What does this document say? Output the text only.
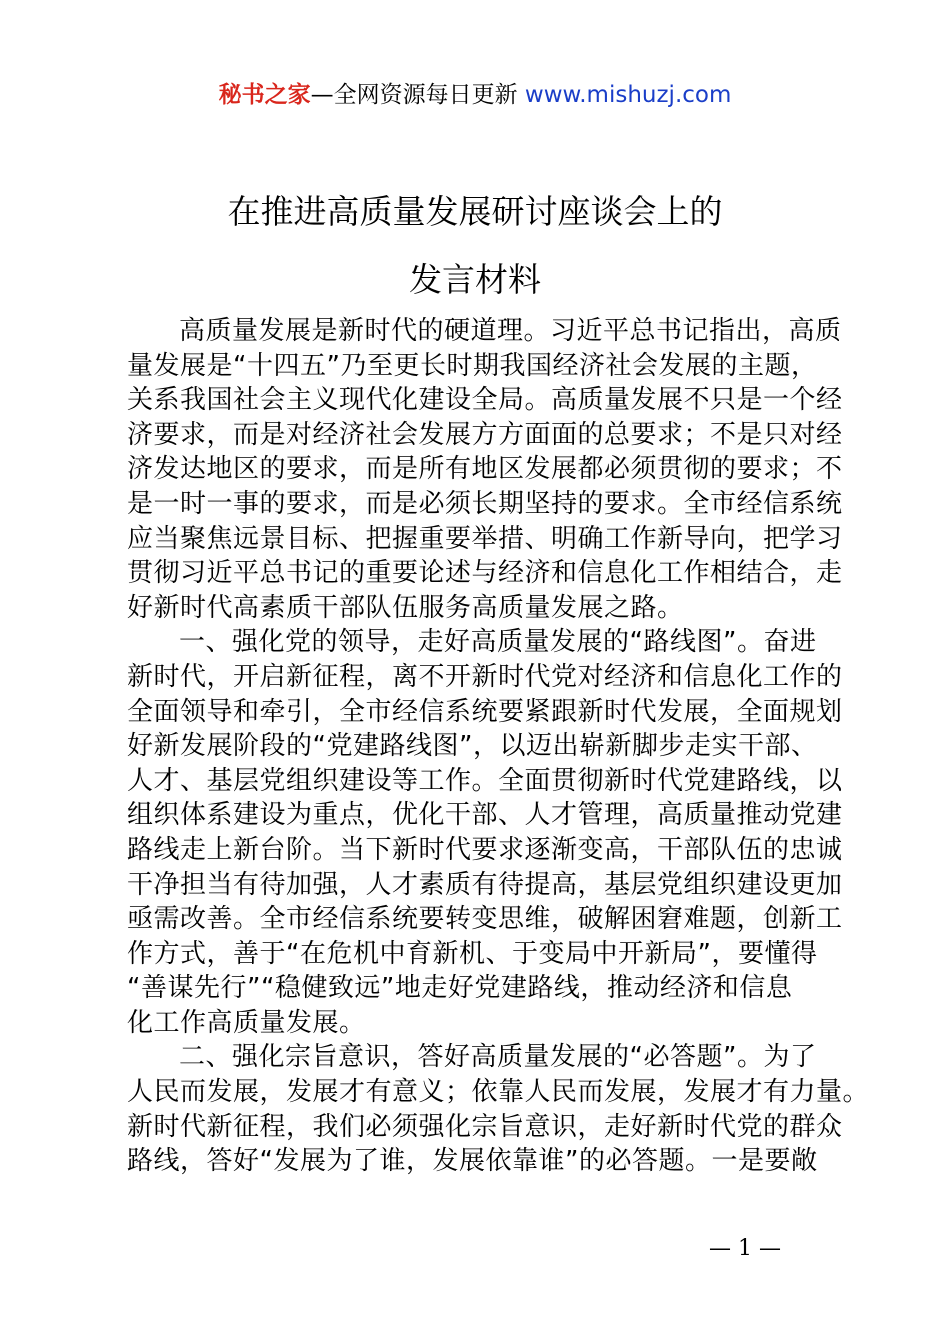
秘书之家—全网资源每日更新 www.mishuzj.com
在推进高质量发展研讨座谈会上的
发言材料
高质量发展是新时代的硬道理。习近平总书记指出，高质
量发展是“十四五”乃至更长时期我国经济社会发展的主题，
关系我国社会主义现代化建设全局。高质量发展不只是一个经
济要求，而是对经济社会发展方方面面的总要求；不是只对经
济发达地区的要求，而是所有地区发展都必须贯彻的要求；不
是一时一事的要求，而是必须长期坚持的要求。全市经信系统
应当聚焦远景目标、把握重要举措、明确工作新导向，把学习
贯彻习近平总书记的重要论述与经济和信息化工作相结合，走
好新时代高素质干部队伍服务高质量发展之路。
一、强化党的领导，走好高质量发展的“路线图”。奋进
新时代，开启新征程，离不开新时代党对经济和信息化工作的
全面领导和牵引，全市经信系统要紧跟新时代发展，全面规划
好新发展阶段的“党建路线图”，以迈出崭新脚步走实干部、
人才、基层党组织建设等工作。全面贯彻新时代党建路线，以
组织体系建设为重点，优化干部、人才管理，高质量推动党建
路线走上新台阶。当下新时代要求逐渐变高，干部队伍的忠诚
干净担当有待加强，人才素质有待提高，基层党组织建设更加
亟需改善。全市经信系统要转变思维，破解困窘难题，创新工
作方式，善于“在危机中育新机、于变局中开新局”，要懂得
“善谋先行”“稳健致远”地走好党建路线，推动经济和信息
化工作高质量发展。
二、强化宗旨意识，答好高质量发展的“必答题”。为了
人民而发展，发展才有意义；依靠人民而发展，发展才有力量。
新时代新征程，我们必须强化宗旨意识，走好新时代党的群众
路线，答好“发展为了谁，发展依靠谁”的必答题。一是要敞
— 1 —
